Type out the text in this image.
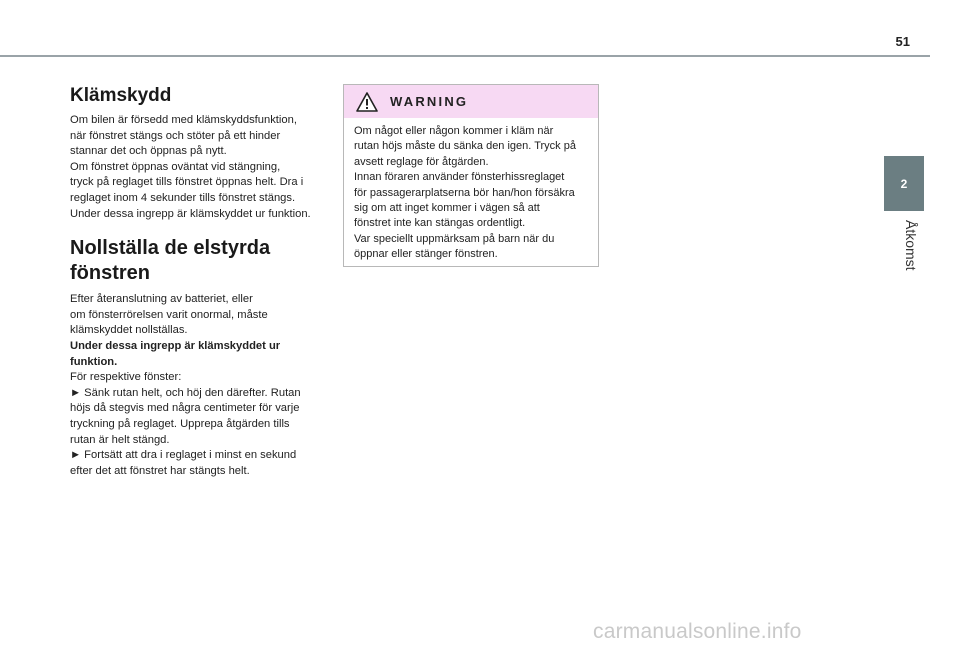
51
2
Åtkomst
Klämskydd

Om bilen är försedd med klämskyddsfunktion,

när fönstret stängs och stöter på ett hinder

stannar det och öppnas på nytt.

Om fönstret öppnas oväntat vid stängning,

tryck på reglaget tills fönstret öppnas helt. Dra i

reglaget inom 4 sekunder tills fönstret stängs.

Under dessa ingrepp är klämskyddet ur funktion.

Nollställa de elstyrda
fönstren

Efter återanslutning av batteriet, eller

om fönsterrörelsen varit onormal, måste

klämskyddet nollställas.

Under dessa ingrepp är klämskyddet ur

funktion.

För respektive fönster:

► Sänk rutan helt, och höj den därefter. Rutan

höjs då stegvis med några centimeter för varje

tryckning på reglaget. Upprepa åtgärden tills

rutan är helt stängd.

► Fortsätt att dra i reglaget i minst en sekund

efter det att fönstret har stängts helt.

WARNING

Om något eller någon kommer i kläm när

rutan höjs måste du sänka den igen. Tryck på

avsett reglage för åtgärden.

Innan föraren använder fönsterhissreglaget

för passagerarplatserna bör han/hon försäkra

sig om att inget kommer i vägen så att

fönstret inte kan stängas ordentligt.

Var speciellt uppmärksam på barn när du

öppnar eller stänger fönstren.

carmanualsonline.info
